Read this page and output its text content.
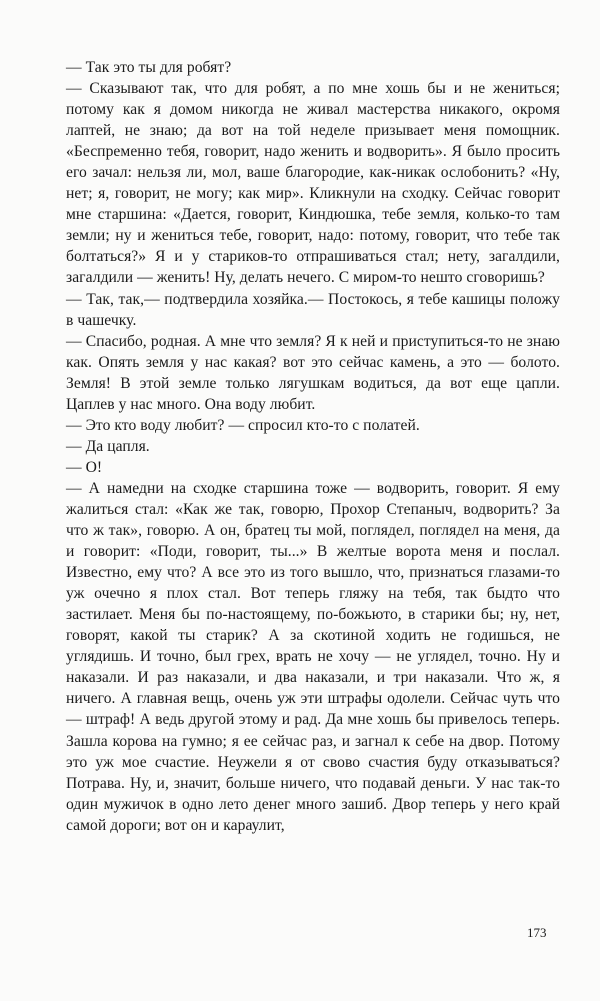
— Так это ты для робят?

— Сказывают так, что для робят, а по мне хошь бы и не жениться; потому как я домом никогда не живал мастерства никакого, окромя лаптей, не знаю; да вот на той неделе призывает меня помощник. «Беспременно тебя, говорит, надо женить и водворить». Я было просить его зачал: нельзя ли, мол, ваше благородие, как-никак ослобонить? «Ну, нет; я, говорит, не могу; как мир». Кликнули на сходку. Сейчас говорит мне старшина: «Дается, говорит, Киндюшка, тебе земля, колько-то там земли; ну и жениться тебе, говорит, надо: потому, говорит, что тебе так болтаться?» Я и у стариков-то отпрашиваться стал; нету, загалдили, загалдили — женить! Ну, делать нечего. С миром-то нешто сговоришь?

— Так, так,— подтвердила хозяйка.— Постокось, я тебе кашицы положу в чашечку.

— Спасибо, родная. А мне что земля? Я к ней и приступиться-то не знаю как. Опять земля у нас какая? вот это сейчас камень, а это — болото. Земля! В этой земле только лягушкам водиться, да вот еще цапли. Цаплев у нас много. Она воду любит.

— Это кто воду любит? — спросил кто-то с полатей.

— Да цапля.

— О!

— А намедни на сходке старшина тоже — водворить, говорит. Я ему жалиться стал: «Как же так, говорю, Прохор Степаныч, водворить? За что ж так», говорю. А он, братец ты мой, поглядел, поглядел на меня, да и говорит: «Поди, говорит, ты...» В желтые ворота меня и послал. Известно, ему что? А все это из того вышло, что, признаться глазами-то уж очечно я плох стал. Вот теперь гляжу на тебя, так быдто что застилает. Меня бы по-настоящему, по-божьюто, в старики бы; ну, нет, говорят, какой ты старик? А за скотиной ходить не годишься, не углядишь. И точно, был грех, врать не хочу — не углядел, точно. Ну и наказали. И раз наказали, и два наказали, и три наказали. Что ж, я ничего. А главная вещь, очень уж эти штрафы одолели. Сейчас чуть что — штраф! А ведь другой этому и рад. Да мне хошь бы привелось теперь. Зашла корова на гумно; я ее сейчас раз, и загнал к себе на двор. Потому это уж мое счастие. Неужели я от свово счастия буду отказываться? Потрава. Ну, и, значит, больше ничего, что подавай деньги. У нас так-то один мужичок в одно лето денег много зашиб. Двор теперь у него край самой дороги; вот он и караулит,

173
